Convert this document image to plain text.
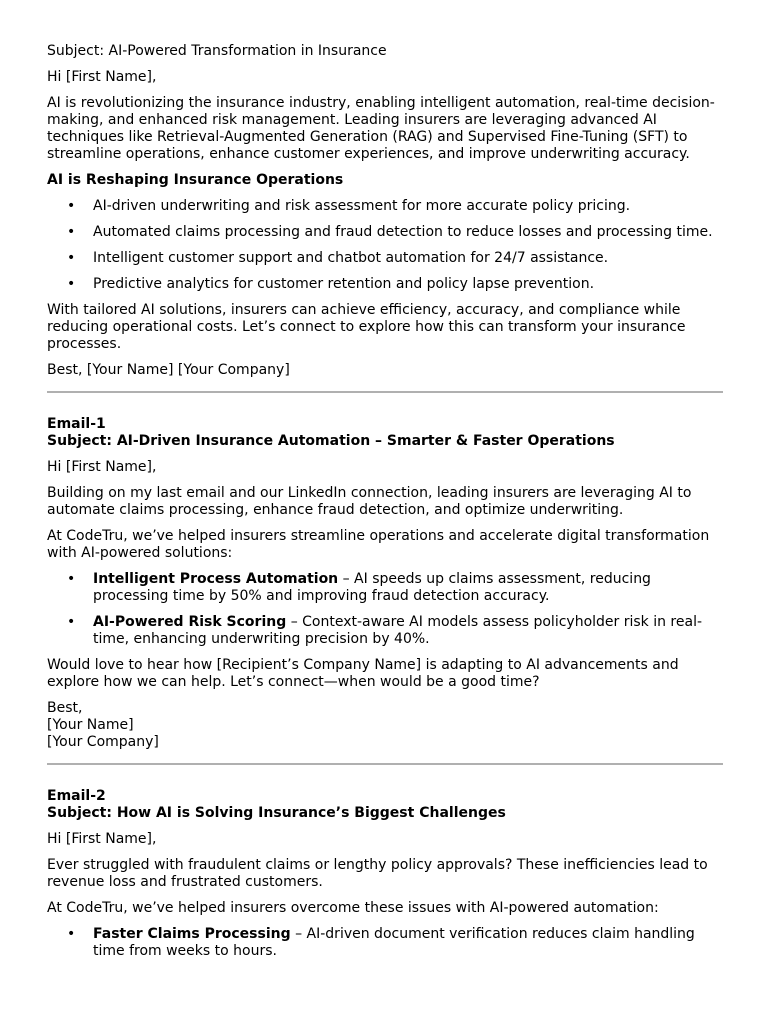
Subject: AI-Powered Transformation in Insurance

Hi [First Name],

AI is revolutionizing the insurance industry, enabling intelligent automation, real-time decision-making, and enhanced risk management. Leading insurers are leveraging advanced AI techniques like Retrieval-Augmented Generation (RAG) and Supervised Fine-Tuning (SFT) to streamline operations, enhance customer experiences, and improve underwriting accuracy.

AI is Reshaping Insurance Operations

• AI-driven underwriting and risk assessment for more accurate policy pricing.
• Automated claims processing and fraud detection to reduce losses and processing time.
• Intelligent customer support and chatbot automation for 24/7 assistance.
• Predictive analytics for customer retention and policy lapse prevention.

With tailored AI solutions, insurers can achieve efficiency, accuracy, and compliance while reducing operational costs. Let’s connect to explore how this can transform your insurance processes.

Best, [Your Name] [Your Company]

Email-1
Subject: AI-Driven Insurance Automation – Smarter & Faster Operations

Hi [First Name],

Building on my last email and our LinkedIn connection, leading insurers are leveraging AI to automate claims processing, enhance fraud detection, and optimize underwriting.

At CodeTru, we’ve helped insurers streamline operations and accelerate digital transformation with AI-powered solutions:

• Intelligent Process Automation – AI speeds up claims assessment, reducing processing time by 50% and improving fraud detection accuracy.
• AI-Powered Risk Scoring – Context-aware AI models assess policyholder risk in real-time, enhancing underwriting precision by 40%.

Would love to hear how [Recipient’s Company Name] is adapting to AI advancements and explore how we can help. Let’s connect—when would be a good time?

Best,
[Your Name]
[Your Company]

Email-2
Subject: How AI is Solving Insurance’s Biggest Challenges

Hi [First Name],

Ever struggled with fraudulent claims or lengthy policy approvals? These inefficiencies lead to revenue loss and frustrated customers.

At CodeTru, we’ve helped insurers overcome these issues with AI-powered automation:

• Faster Claims Processing – AI-driven document verification reduces claim handling time from weeks to hours.
